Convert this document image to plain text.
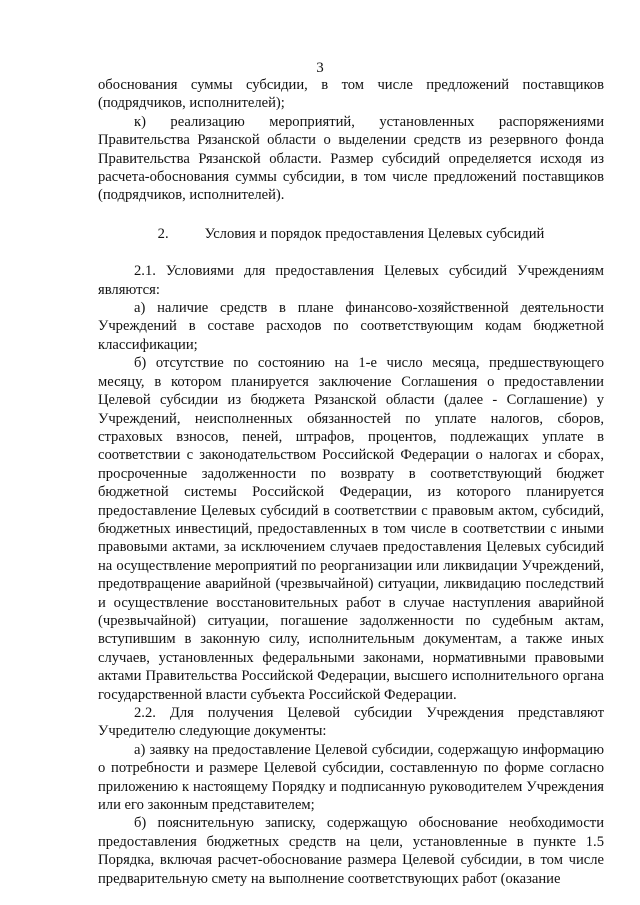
3

обоснования суммы субсидии, в том числе предложений поставщиков (подрядчиков, исполнителей);

к) реализацию мероприятий, установленных распоряжениями Правительства Рязанской области о выделении средств из резервного фонда Правительства Рязанской области. Размер субсидий определяется исходя из расчета-обоснования суммы субсидии, в том числе предложений поставщиков (подрядчиков, исполнителей).

2. Условия и порядок предоставления Целевых субсидий

2.1. Условиями для предоставления Целевых субсидий Учреждениям являются:

а) наличие средств в плане финансово-хозяйственной деятельности Учреждений в составе расходов по соответствующим кодам бюджетной классификации;

б) отсутствие по состоянию на 1-е число месяца, предшествующего месяцу, в котором планируется заключение Соглашения о предоставлении Целевой субсидии из бюджета Рязанской области (далее - Соглашение) у Учреждений, неисполненных обязанностей по уплате налогов, сборов, страховых взносов, пеней, штрафов, процентов, подлежащих уплате в соответствии с законодательством Российской Федерации о налогах и сборах, просроченные задолженности по возврату в соответствующий бюджет бюджетной системы Российской Федерации, из которого планируется предоставление Целевых субсидий в соответствии с правовым актом, субсидий, бюджетных инвестиций, предоставленных в том числе в соответствии с иными правовыми актами, за исключением случаев предоставления Целевых субсидий на осуществление мероприятий по реорганизации или ликвидации Учреждений, предотвращение аварийной (чрезвычайной) ситуации, ликвидацию последствий и осуществление восстановительных работ в случае наступления аварийной (чрезвычайной) ситуации, погашение задолженности по судебным актам, вступившим в законную силу, исполнительным документам, а также иных случаев, установленных федеральными законами, нормативными правовыми актами Правительства Российской Федерации, высшего исполнительного органа государственной власти субъекта Российской Федерации.

2.2. Для получения Целевой субсидии Учреждения представляют Учредителю следующие документы:

а) заявку на предоставление Целевой субсидии, содержащую информацию о потребности и размере Целевой субсидии, составленную по форме согласно приложению к настоящему Порядку и подписанную руководителем Учреждения или его законным представителем;

б) пояснительную записку, содержащую обоснование необходимости предоставления бюджетных средств на цели, установленные в пункте 1.5 Порядка, включая расчет-обоснование размера Целевой субсидии, в том числе предварительную смету на выполнение соответствующих работ (оказание
